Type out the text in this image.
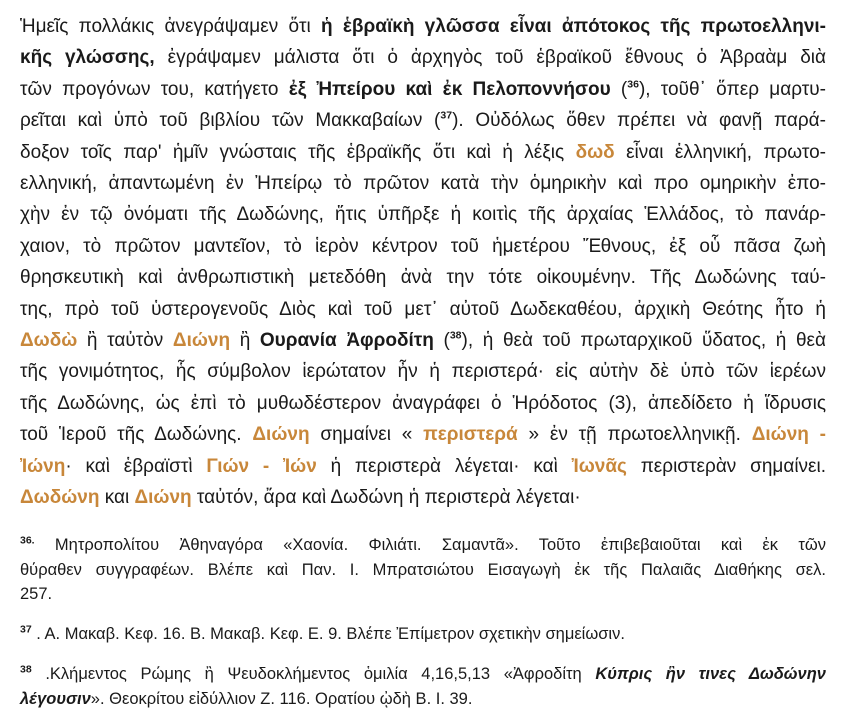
Ἡμεῖς πολλάκις ἀνεγράψαμεν ὅτι ἡ ἑβραϊκὴ γλῶσσα εἶναι ἀπότοκος τῆς πρωτοελληνι-
κῆς γλώσσης, ἐγράψαμεν μάλιστα ὅτι ὁ ἀρχηγὸς τοῦ ἑβραϊκοῦ ἔθνους ὁ Ἀβραὰμ διὰ
τῶν προγόνων του, κατήγετο ἐξ Ἠπείρου καὶ ἐκ Πελοποννήσου ($^{36}$), τοῦθ᾽ ὅπερ μαρτυ-
ρεῖται καὶ ὑπὸ τοῦ βιβλίου τῶν Μακκαβαίων ($^{37}$). Οὐδόλως ὅθεν πρέπει νὰ φανῇ παρά-
δοξον τοῖς παρ' ἡμῖν γνώσταις τῆς ἑβραϊκῆς ὅτι καὶ ἡ λέξις δωδ εἶναι ἑλληνική, πρωτο-
ελληνική, ἀπαντωμένη ἐν Ἠπείρῳ τὸ πρῶτον κατὰ τὴν ὁμηρικὴν καὶ προ ομηρικὴν ἐπο-
χὴν ἐν τῷ ὀνόματι τῆς Δωδώνης, ἥτις ὑπῆρξε ἡ κοιτὶς τῆς ἀρχαίας Ἑλλάδος, τὸ πανάρ-
χαιον, τὸ πρῶτον μαντεῖον, τὸ ἱερὸν κέντρον τοῦ ἡμετέρου Ἔθνους, ἐξ οὗ πᾶσα ζωὴ
θρησκευτικὴ καὶ ἀνθρωπιστικὴ μετεδόθη ἀνὰ την τότε οἰκουμένην. Τῆς Δωδώνης ταύ-
της, πρὸ τοῦ ὑστερογενοῦς Διὸς καὶ τοῦ μετ᾽ αὐτοῦ Δωδεκαθέου, ἀρχικὴ Θεότης ἦτο ἡ
Δωδὼ ἢ ταὐτὸν Διώνη ἢ Ουρανία Ἀφροδίτη ($^{38}$), ἡ θεὰ τοῦ πρωταρχικοῦ ὕδατος, ἡ θεὰ
τῆς γονιμότητος, ἧς σύμβολον ἱερώτατον ἦν ἡ περιστερά· εἰς αὐτὴν δὲ ὑπὸ τῶν ἱερέων
τῆς Δωδώνης, ὡς ἐπὶ τὸ μυθωδέστερον ἀναγράφει ὁ Ἡρόδοτος (3), ἀπεδίδετο ἡ ἵδρυσις
τοῦ Ἱεροῦ τῆς Δωδώνης. Διώνη σημαίνει « περιστερά » ἐν τῇ πρωτοελληνικῇ. Διώνη -
Ἰώνη· καὶ ἑβραϊστὶ Γιών - Ἰών ἡ περιστερὰ λέγεται· καὶ Ἰωνᾶς περιστερὰν σημαίνει.
Δωδώνη και Διώνη ταὐτόν, ἄρα καὶ Δωδώνη ἡ περιστερὰ λέγεται·
$^{36.}$ Μητροπολίτου Ἀθηναγόρα «Χαονία. Φιλιάτι. Σαμαντᾶ». Τοῦτο ἐπιβεβαιοῦται καὶ ἐκ τῶν
θύραθεν συγγραφέων. Βλέπε καὶ Παν. Ι. Μπρατσιώτου Εισαγωγὴ ἐκ τῆς Παλαιᾶς Διαθήκης σελ.
257.
$^{37}$ . Α. Μακαβ. Κεφ. 16. Β. Μακαβ. Κεφ. Ε. 9. Βλέπε Ἐπίμετρον σχετικὴν σημείωσιν.
$^{38}$ .Κλήμεντος Ρώμης ἢ Ψευδοκλήμεντος ὁμιλία 4,16,5,13 «Ἀφροδίτη Κύπρις ἣν τινες Δωδώνην
λέγουσιν». Θεοκρίτου εἰδύλλιον Ζ. 116. Ορατίου ᾠδὴ Β. Ι. 39.
